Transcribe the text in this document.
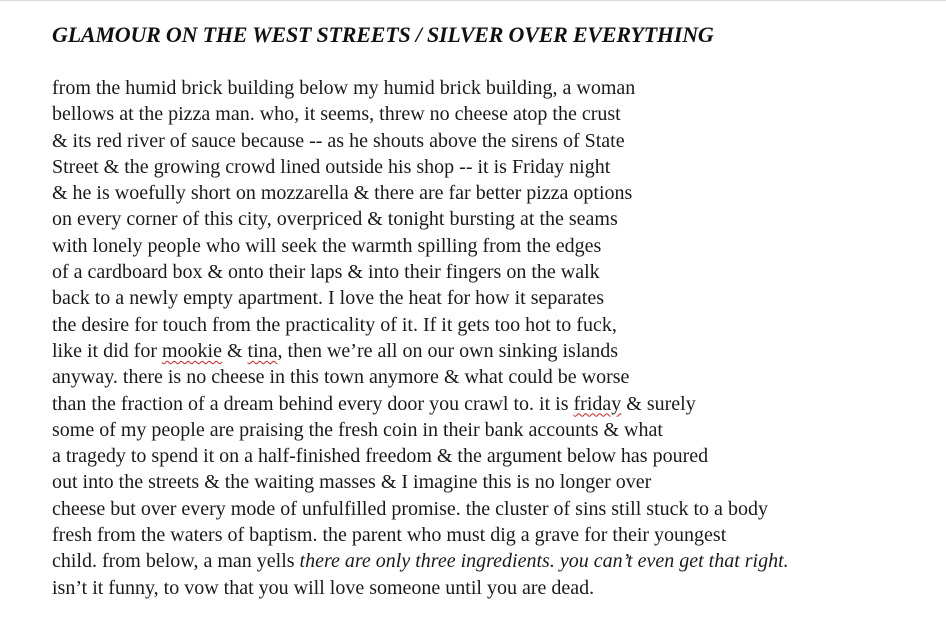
GLAMOUR ON THE WEST STREETS / SILVER OVER EVERYTHING
from the humid brick building below my humid brick building, a woman
bellows at the pizza man. who, it seems, threw no cheese atop the crust
& its red river of sauce because -- as he shouts above the sirens of State
Street & the growing crowd lined outside his shop -- it is Friday night
& he is woefully short on mozzarella & there are far better pizza options
on every corner of this city, overpriced & tonight bursting at the seams
with lonely people who will seek the warmth spilling from the edges
of a cardboard box & onto their laps & into their fingers on the walk
back to a newly empty apartment. I love the heat for how it separates
the desire for touch from the practicality of it. If it gets too hot to fuck,
like it did for mookie & tina, then we’re all on our own sinking islands
anyway. there is no cheese in this town anymore & what could be worse
than the fraction of a dream behind every door you crawl to. it is friday & surely
some of my people are praising the fresh coin in their bank accounts & what
a tragedy to spend it on a half-finished freedom & the argument below has poured
out into the streets & the waiting masses & I imagine this is no longer over
cheese but over every mode of unfulfilled promise. the cluster of sins still stuck to a body
fresh from the waters of baptism. the parent who must dig a grave for their youngest
child. from below, a man yells there are only three ingredients. you can’t even get that right.
isn’t it funny, to vow that you will love someone until you are dead.
